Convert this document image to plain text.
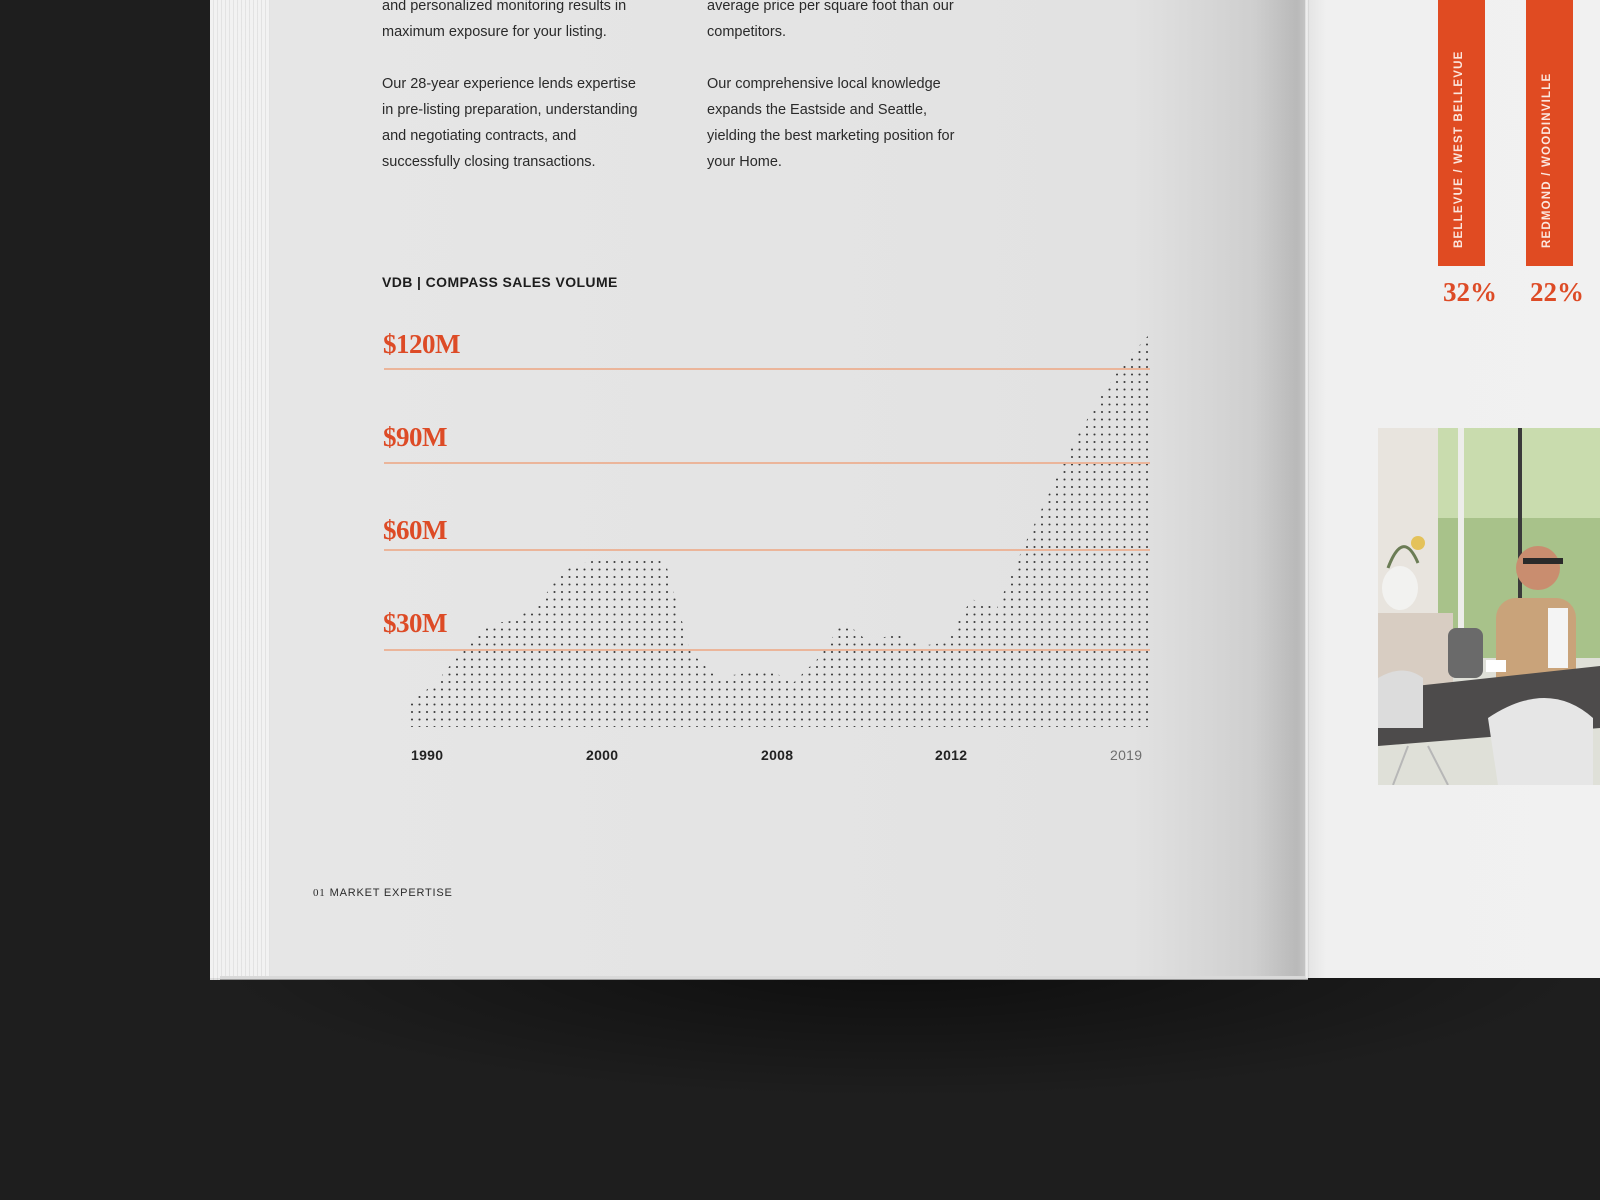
and personalized monitoring results in
maximum exposure for your listing.

Our 28-year experience lends expertise
in pre-listing preparation, understanding
and negotiating contracts, and
successfully closing transactions.

average price per square foot than our
competitors.

Our comprehensive local knowledge
expands the Eastside and Seattle,
yielding the best marketing position for
your Home.

VDB | COMPASS SALES VOLUME
$120M
$90M
$60M
$30M
1990	2000	2008	2012	2019
01 MARKET EXPERTISE
BELLEVUE / WEST BELLEVUE
32%
REDMOND / WOODINVILLE
22%
